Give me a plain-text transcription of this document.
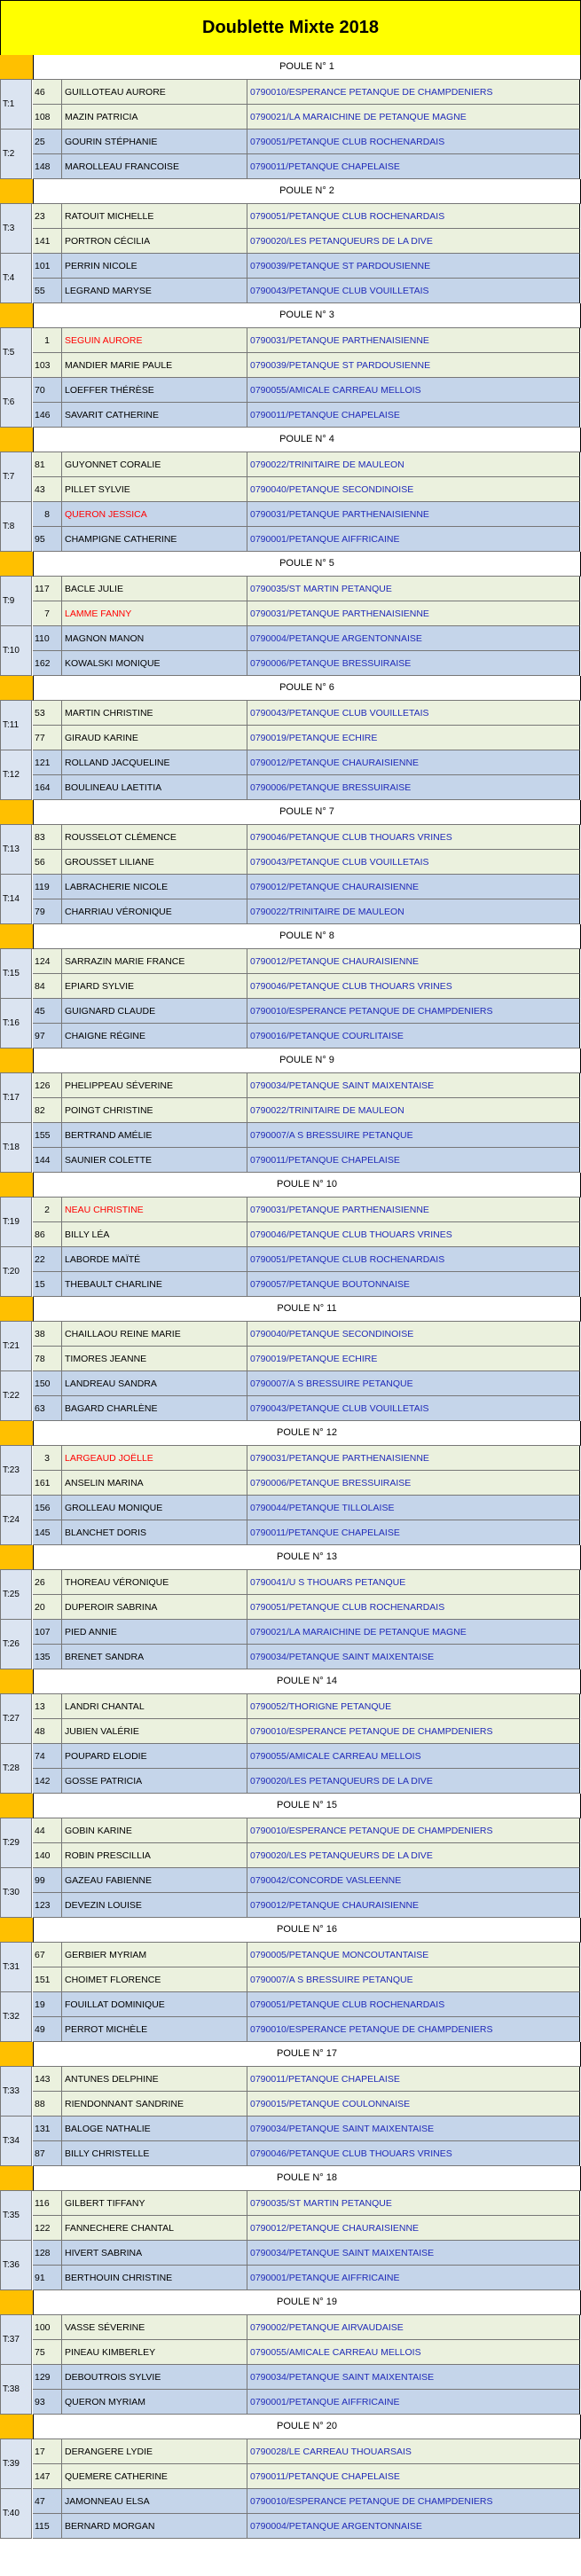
Doublette Mixte 2018
POULE N° 1
T:1
46	GUILLOTEAU AURORE	0790010/ESPERANCE PETANQUE DE CHAMPDENIERS
108	MAZIN PATRICIA	0790021/LA MARAICHINE DE PETANQUE MAGNE
T:2
25	GOURIN STÉPHANIE	0790051/PETANQUE CLUB ROCHENARDAIS
148	MAROLLEAU FRANCOISE	0790011/PETANQUE CHAPELAISE
POULE N° 2
T:3
23	RATOUIT MICHELLE	0790051/PETANQUE CLUB ROCHENARDAIS
141	PORTRON CÉCILIA	0790020/LES PETANQUEURS DE LA DIVE
T:4
101	PERRIN NICOLE	0790039/PETANQUE ST PARDOUSIENNE
55	LEGRAND MARYSE	0790043/PETANQUE CLUB VOUILLETAIS
POULE N° 3
T:5
1	SEGUIN AURORE	0790031/PETANQUE PARTHENAISIENNE
103	MANDIER MARIE PAULE	0790039/PETANQUE ST PARDOUSIENNE
T:6
70	LOEFFER THÉRÈSE	0790055/AMICALE CARREAU MELLOIS
146	SAVARIT CATHERINE	0790011/PETANQUE CHAPELAISE
POULE N° 4
T:7
81	GUYONNET CORALIE	0790022/TRINITAIRE DE MAULEON
43	PILLET SYLVIE	0790040/PETANQUE SECONDINOISE
T:8
8	QUERON JESSICA	0790031/PETANQUE PARTHENAISIENNE
95	CHAMPIGNE CATHERINE	0790001/PETANQUE AIFFRICAINE
POULE N° 5
T:9
117	BACLE JULIE	0790035/ST MARTIN PETANQUE
7	LAMME FANNY	0790031/PETANQUE PARTHENAISIENNE
T:10
110	MAGNON MANON	0790004/PETANQUE ARGENTONNAISE
162	KOWALSKI MONIQUE	0790006/PETANQUE BRESSUIRAISE
POULE N° 6
T:11
53	MARTIN CHRISTINE	0790043/PETANQUE CLUB VOUILLETAIS
77	GIRAUD KARINE	0790019/PETANQUE ECHIRE
T:12
121	ROLLAND JACQUELINE	0790012/PETANQUE CHAURAISIENNE
164	BOULINEAU LAETITIA	0790006/PETANQUE BRESSUIRAISE
POULE N° 7
T:13
83	ROUSSELOT CLÉMENCE	0790046/PETANQUE CLUB THOUARS VRINES
56	GROUSSET LILIANE	0790043/PETANQUE CLUB VOUILLETAIS
T:14
119	LABRACHERIE NICOLE	0790012/PETANQUE CHAURAISIENNE
79	CHARRIAU VÉRONIQUE	0790022/TRINITAIRE DE MAULEON
POULE N° 8
T:15
124	SARRAZIN MARIE FRANCE	0790012/PETANQUE CHAURAISIENNE
84	EPIARD SYLVIE	0790046/PETANQUE CLUB THOUARS VRINES
T:16
45	GUIGNARD CLAUDE	0790010/ESPERANCE PETANQUE DE CHAMPDENIERS
97	CHAIGNE RÉGINE	0790016/PETANQUE COURLITAISE
POULE N° 9
T:17
126	PHELIPPEAU SÉVERINE	0790034/PETANQUE SAINT MAIXENTAISE
82	POINGT CHRISTINE	0790022/TRINITAIRE DE MAULEON
T:18
155	BERTRAND AMÉLIE	0790007/A S BRESSUIRE PETANQUE
144	SAUNIER COLETTE	0790011/PETANQUE CHAPELAISE
POULE N° 10
T:19
2	NEAU CHRISTINE	0790031/PETANQUE PARTHENAISIENNE
86	BILLY LÉA	0790046/PETANQUE CLUB THOUARS VRINES
T:20
22	LABORDE MAÏTÉ	0790051/PETANQUE CLUB ROCHENARDAIS
15	THEBAULT CHARLINE	0790057/PETANQUE BOUTONNAISE
POULE N° 11
T:21
38	CHAILLAOU REINE MARIE	0790040/PETANQUE SECONDINOISE
78	TIMORES JEANNE	0790019/PETANQUE ECHIRE
T:22
150	LANDREAU SANDRA	0790007/A S BRESSUIRE PETANQUE
63	BAGARD CHARLÈNE	0790043/PETANQUE CLUB VOUILLETAIS
POULE N° 12
T:23
3	LARGEAUD JOËLLE	0790031/PETANQUE PARTHENAISIENNE
161	ANSELIN MARINA	0790006/PETANQUE BRESSUIRAISE
T:24
156	GROLLEAU MONIQUE	0790044/PETANQUE TILLOLAISE
145	BLANCHET DORIS	0790011/PETANQUE CHAPELAISE
POULE N° 13
T:25
26	THOREAU VÉRONIQUE	0790041/U S THOUARS PETANQUE
20	DUPEROIR SABRINA	0790051/PETANQUE CLUB ROCHENARDAIS
T:26
107	PIED ANNIE	0790021/LA MARAICHINE DE PETANQUE MAGNE
135	BRENET SANDRA	0790034/PETANQUE SAINT MAIXENTAISE
POULE N° 14
T:27
13	LANDRI CHANTAL	0790052/THORIGNE PETANQUE
48	JUBIEN VALÉRIE	0790010/ESPERANCE PETANQUE DE CHAMPDENIERS
T:28
74	POUPARD ELODIE	0790055/AMICALE CARREAU MELLOIS
142	GOSSE PATRICIA	0790020/LES PETANQUEURS DE LA DIVE
POULE N° 15
T:29
44	GOBIN KARINE	0790010/ESPERANCE PETANQUE DE CHAMPDENIERS
140	ROBIN PRESCILLIA	0790020/LES PETANQUEURS DE LA DIVE
T:30
99	GAZEAU FABIENNE	0790042/CONCORDE VASLEENNE
123	DEVEZIN LOUISE	0790012/PETANQUE CHAURAISIENNE
POULE N° 16
T:31
67	GERBIER MYRIAM	0790005/PETANQUE MONCOUTANTAISE
151	CHOIMET FLORENCE	0790007/A S BRESSUIRE PETANQUE
T:32
19	FOUILLAT DOMINIQUE	0790051/PETANQUE CLUB ROCHENARDAIS
49	PERROT MICHÈLE	0790010/ESPERANCE PETANQUE DE CHAMPDENIERS
POULE N° 17
T:33
143	ANTUNES DELPHINE	0790011/PETANQUE CHAPELAISE
88	RIENDONNANT SANDRINE	0790015/PETANQUE COULONNAISE
T:34
131	BALOGE NATHALIE	0790034/PETANQUE SAINT MAIXENTAISE
87	BILLY CHRISTELLE	0790046/PETANQUE CLUB THOUARS VRINES
POULE N° 18
T:35
116	GILBERT TIFFANY	0790035/ST MARTIN PETANQUE
122	FANNECHERE CHANTAL	0790012/PETANQUE CHAURAISIENNE
T:36
128	HIVERT SABRINA	0790034/PETANQUE SAINT MAIXENTAISE
91	BERTHOUIN CHRISTINE	0790001/PETANQUE AIFFRICAINE
POULE N° 19
T:37
100	VASSE SÉVERINE	0790002/PETANQUE AIRVAUDAISE
75	PINEAU KIMBERLEY	0790055/AMICALE CARREAU MELLOIS
T:38
129	DEBOUTROIS SYLVIE	0790034/PETANQUE SAINT MAIXENTAISE
93	QUERON MYRIAM	0790001/PETANQUE AIFFRICAINE
POULE N° 20
T:39
17	DERANGERE LYDIE	0790028/LE CARREAU THOUARSAIS
147	QUEMERE CATHERINE	0790011/PETANQUE CHAPELAISE
T:40
47	JAMONNEAU ELSA	0790010/ESPERANCE PETANQUE DE CHAMPDENIERS
115	BERNARD MORGAN	0790004/PETANQUE ARGENTONNAISE
